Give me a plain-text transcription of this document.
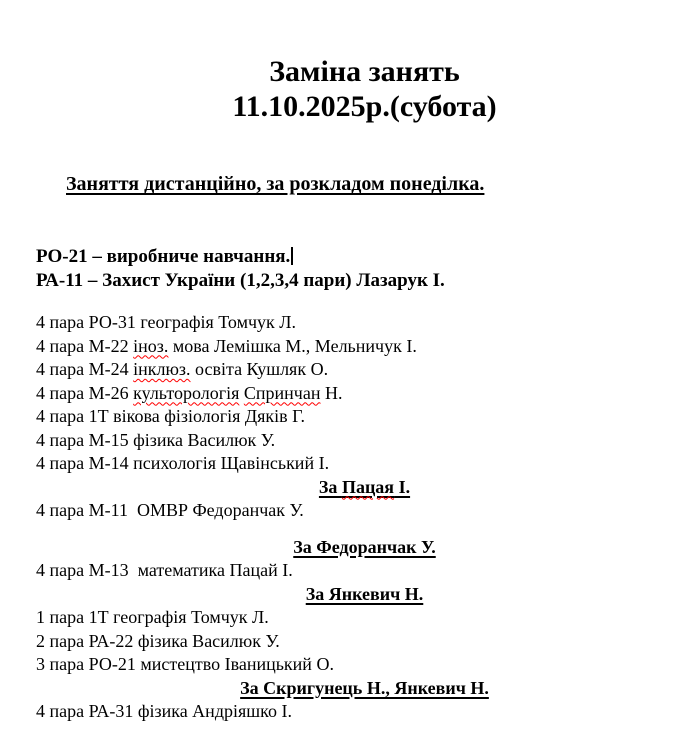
Заміна занять
11.10.2025р.(субота)

Заняття дистанційно, за розкладом понеділка.

РО-21 – виробниче навчання.
РА-11 – Захист України (1,2,3,4 пари) Лазарук І.
4 пара РО-31 географія Томчук Л.
4 пара М-22 іноз. мова Лемішка М., Мельничук І.
4 пара М-24 інклюз. освіта Кушляк О.
4 пара М-26 культорологія Спринчан Н.
4 пара 1Т вікова фізіологія Дяків Г.
4 пара М-15 фізика Василюк У.
4 пара М-14 психологія Щавінський І.
За Пацая І.
4 пара М-11  ОМВР Федоранчак У.
За Федоранчак У.
4 пара М-13  математика Пацай І.
За Янкевич Н.
1 пара 1Т географія Томчук Л.
2 пара РА-22 фізика Василюк У.
3 пара РО-21 мистецтво Іваницький О.
За Скригунець Н., Янкевич Н.
4 пара РА-31 фізика Андріяшко І.
